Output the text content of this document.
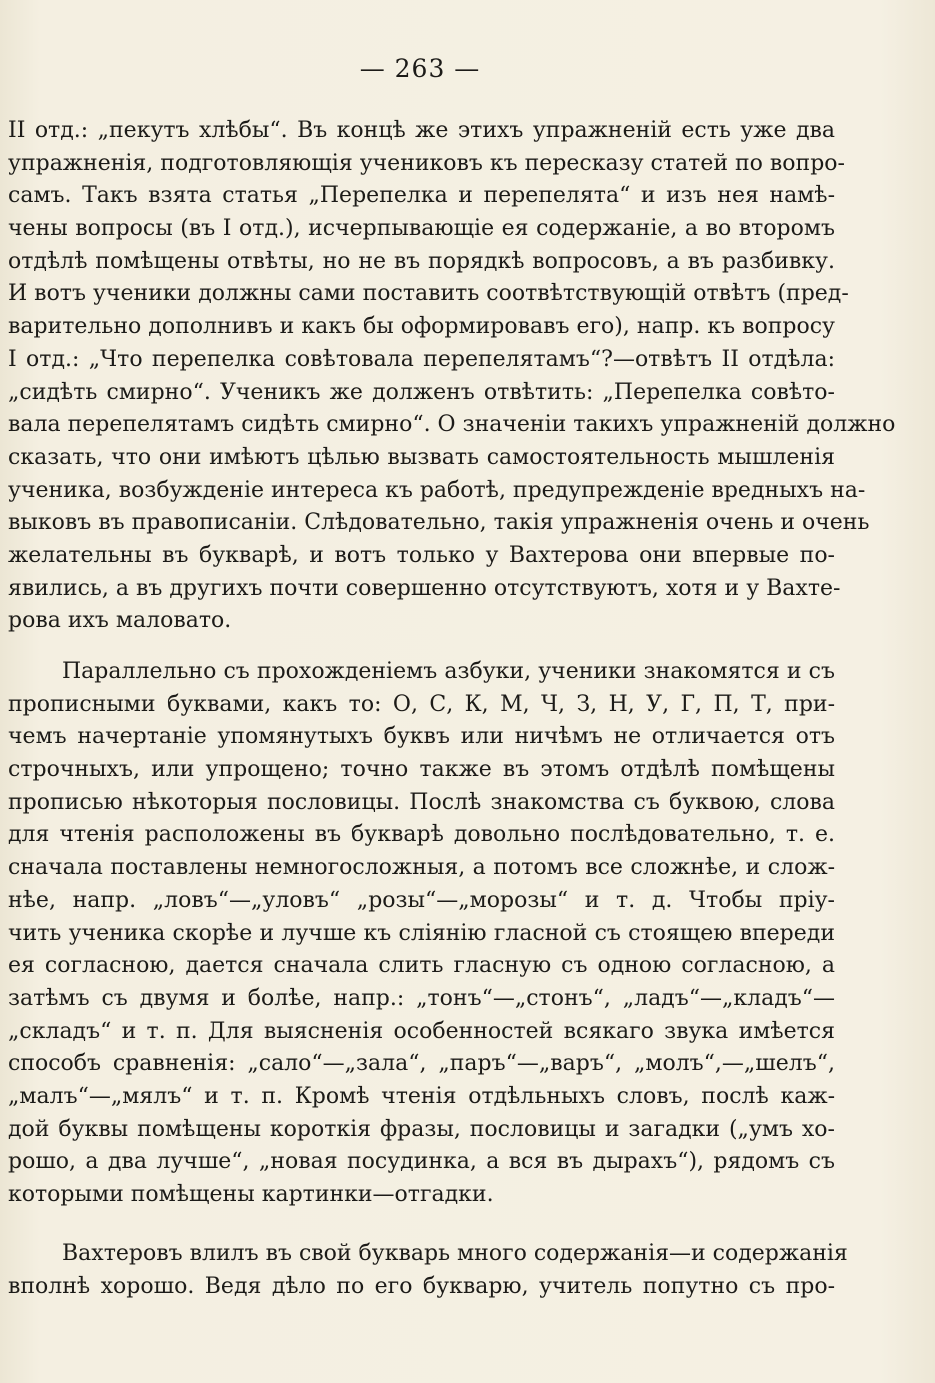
— 263 —
II отд.: „пекутъ хлѣбы“. Въ концѣ же этихъ упражненій есть уже два
упражненія, подготовляющія учениковъ къ пересказу статей по вопро-
самъ. Такъ взята статья „Перепелка и перепелята“ и изъ нея намѣ-
чены вопросы (въ I отд.), исчерпывающіе ея содержаніе, а во второмъ
отдѣлѣ помѣщены отвѣты, но не въ порядкѣ вопросовъ, а въ разбивку.
И вотъ ученики должны сами поставить соотвѣтствующій отвѣтъ (пред-
варительно дополнивъ и какъ бы оформировавъ его), напр. къ вопросу
I отд.: „Что перепелка совѣтовала перепелятамъ“?—отвѣтъ II отдѣла:
„сидѣть смирно“. Ученикъ же долженъ отвѣтить: „Перепелка совѣто-
вала перепелятамъ сидѣть смирно“. О значеніи такихъ упражненій должно
сказать, что они имѣютъ цѣлью вызвать самостоятельность мышленія
ученика, возбужденіе интереса къ работѣ, предупрежденіе вредныхъ на-
выковъ въ правописаніи. Слѣдовательно, такія упражненія очень и очень
желательны въ букварѣ, и вотъ только у Вахтерова они впервые по-
явились, а въ другихъ почти совершенно отсутствуютъ, хотя и у Вахте-
рова ихъ маловато.
Параллельно съ прохожденіемъ азбуки, ученики знакомятся и съ
прописными буквами, какъ то: О, С, К, М, Ч, З, Н, У, Г, П, Т, при-
чемъ начертаніе упомянутыхъ буквъ или ничѣмъ не отличается отъ
строчныхъ, или упрощено; точно также въ этомъ отдѣлѣ помѣщены
прописью нѣкоторыя пословицы. Послѣ знакомства съ буквою, слова
для чтенія расположены въ букварѣ довольно послѣдовательно, т. е.
сначала поставлены немногосложныя, а потомъ все сложнѣе, и слож-
нѣе, напр. „ловъ“—„уловъ“ „розы“—„морозы“ и т. д. Чтобы пріу-
чить ученика скорѣе и лучше къ сліянію гласной съ стоящею впереди
ея согласною, дается сначала слить гласную съ одною согласною, а
затѣмъ съ двумя и болѣе, напр.: „тонъ“—„стонъ“, „ладъ“—„кладъ“—
„складъ“ и т. п. Для выясненія особенностей всякаго звука имѣется
способъ сравненія: „сало“—„зала“, „паръ“—„варъ“, „молъ“,—„шелъ“,
„малъ“—„мялъ“ и т. п. Кромѣ чтенія отдѣльныхъ словъ, послѣ каж-
дой буквы помѣщены короткія фразы, пословицы и загадки („умъ хо-
рошо, а два лучше“, „новая посудинка, а вся въ дырахъ“), рядомъ съ
которыми помѣщены картинки—отгадки.
Вахтеровъ влилъ въ свой букварь много содержанія—и содержанія
вполнѣ хорошо. Ведя дѣло по его букварю, учитель попутно съ про-
